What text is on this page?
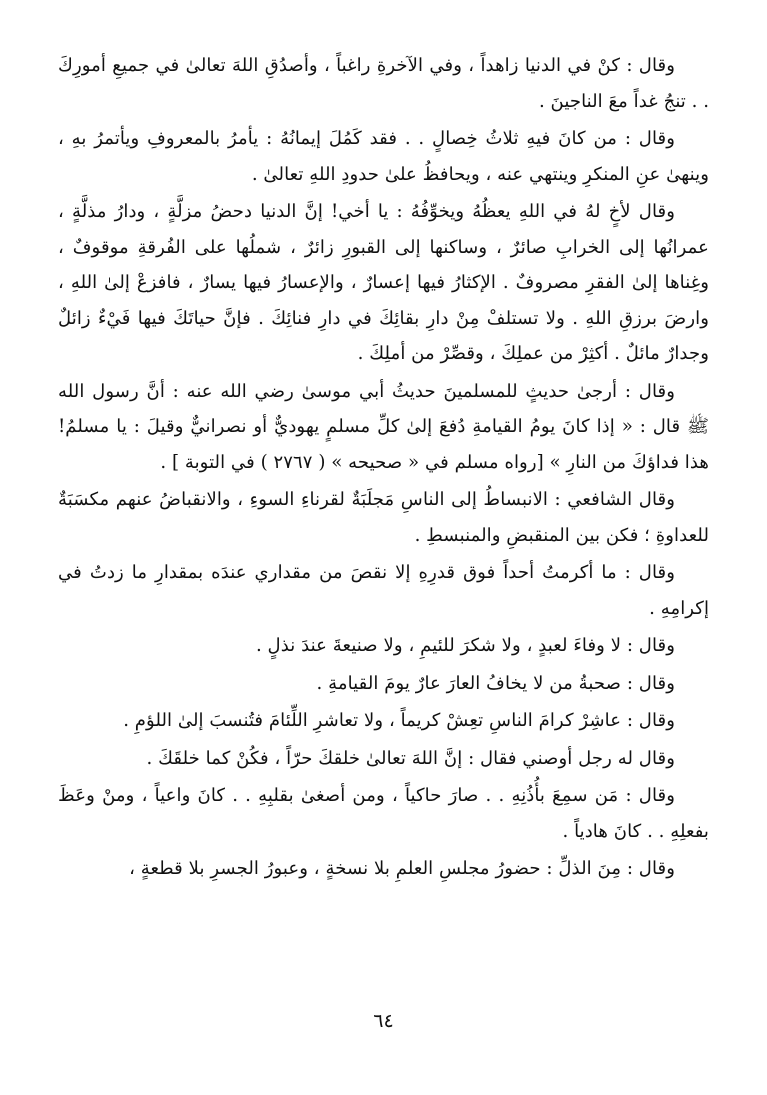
وقال : كنْ في الدنيا زاهداً ، وفي الآخرةِ راغباً ، وأصدُقِ اللهَ تعالىٰ في جميعِ أمورِكَ . . تنجُ غداً معَ الناجينَ .

وقال : من كانَ فيهِ ثلاثُ خِصالٍ . . فقد كَمُلَ إيمانُهُ : يأمرُ بالمعروفِ ويأتمرُ بهِ ، وينهىٰ عنِ المنكرِ وينتهي عنه ، ويحافظُ علىٰ حدودِ اللهِ تعالىٰ .

وقال لأخٍ لهُ في اللهِ يعظُهُ ويخوِّفُهُ : يا أخي! إنَّ الدنيا دحضُ مزلَّةٍ ، ودارُ مذلَّةٍ ، عمرانُها إلى الخرابِ صائرٌ ، وساكنها إلى القبورِ زائرٌ ، شملُها على الفُرقةِ موقوفٌ ، وغِناها إلىٰ الفقرِ مصروفٌ . الإكثارُ فيها إعسارٌ ، والإعسارُ فيها يسارٌ ، فافزعْ إلىٰ اللهِ ، وارضَ برزقِ اللهِ . ولا تستلفْ مِنْ دارِ بقائِكَ في دارِ فنائِكَ . فإنَّ حياتَكَ فيها فَيْءٌ زائلٌ وجدارٌ مائلٌ . أكثِرْ من عملِكَ ، وقصِّرْ من أملِكَ .

وقال : أرجىٰ حديثٍ للمسلمينَ حديثُ أبي موسىٰ رضي الله عنه : أنَّ رسول الله ﷺ قال : « إذا كانَ يومُ القيامةِ دُفعَ إلىٰ كلِّ مسلمٍ يهوديٌّ أو نصرانيٌّ وقيلَ : يا مسلمُ! هذا فداؤكَ من النارِ » [رواه مسلم في « صحيحه » ( ٢٧٦٧ ) في التوبة ] .

وقال الشافعي : الانبساطُ إلى الناسِ مَجلَبَةٌ لقرناءِ السوءِ ، والانقباضُ عنهم مكسَبَةٌ للعداوةِ ؛ فكن بين المنقبضِ والمنبسطِ .

وقال : ما أكرمتُ أحداً فوق قدرِهِ إلا نقصَ من مقداري عندَه بمقدارِ ما زدتُ في إكرامِهِ .

وقال : لا وفاءَ لعبدٍ ، ولا شكرَ للئيمِ ، ولا صنيعةَ عندَ نذلٍ .

وقال : صحبةُ من لا يخافُ العارَ عارٌ يومَ القيامةِ .

وقال : عاشِرْ كرامَ الناسِ تعِشْ كريماً ، ولا تعاشرِ اللِّئامَ فتُنسبَ إلىٰ اللؤمِ .

وقال له رجل أوصني فقال : إنَّ اللهَ تعالىٰ خلقكَ حرّاً ، فكُنْ كما خلقَكَ .

وقال : مَن سمِعَ بأُذُنِهِ . . صارَ حاكياً ، ومن أصغىٰ بقلبِهِ . . كانَ واعياً ، ومنْ وعَظَ بفعلِهِ . . كانَ هادياً .

وقال : مِنَ الذلِّ : حضورُ مجلسِ العلمِ بلا نسخةٍ ، وعبورُ الجسرِ بلا قطعةٍ ،

٦٤
